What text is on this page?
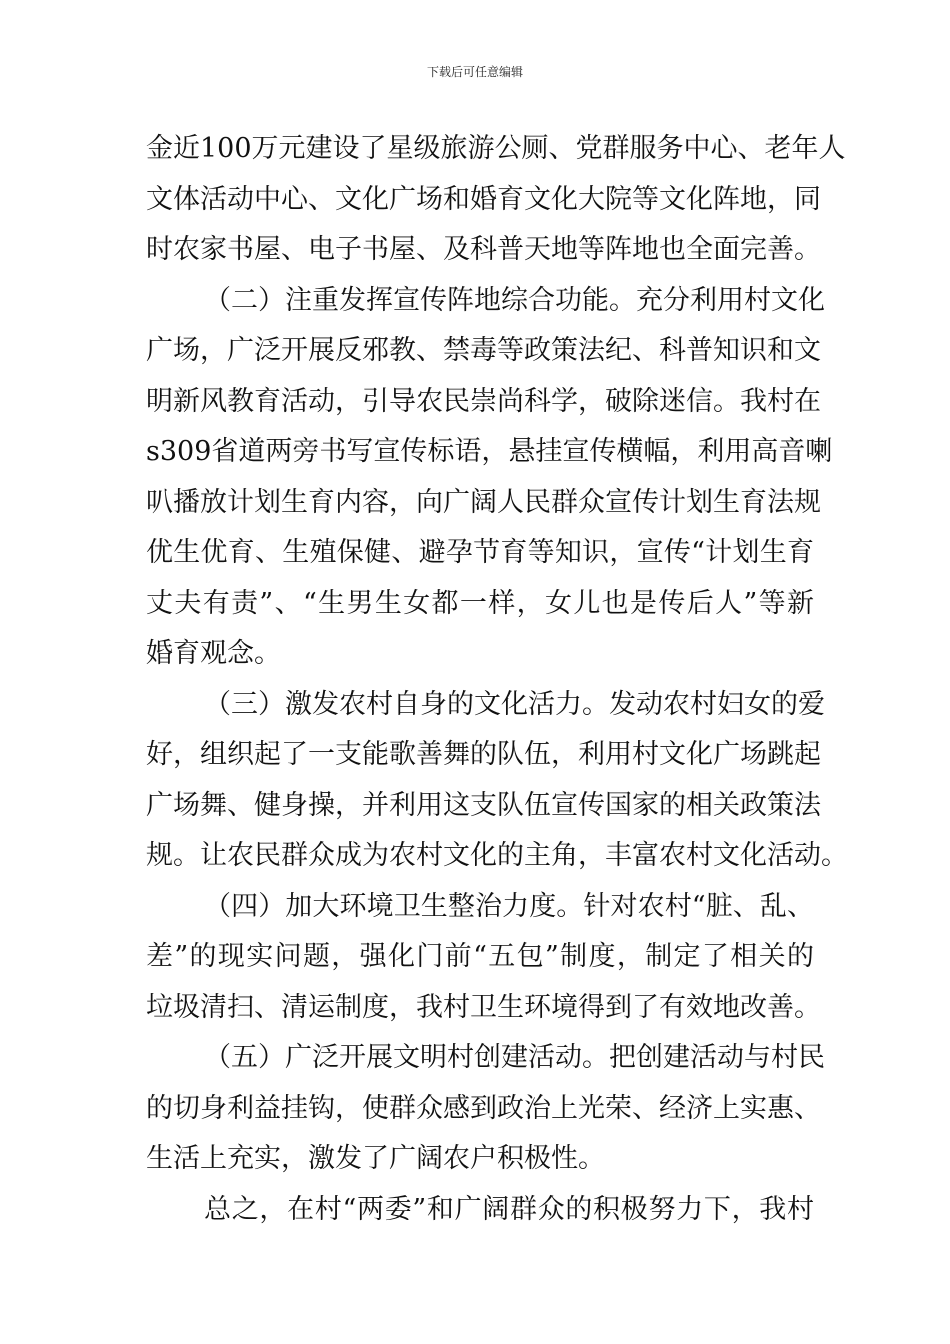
下载后可任意编辑
金近100万元建设了星级旅游公厕、党群服务中心、老年人
文体活动中心、文化广场和婚育文化大院等文化阵地，同
时农家书屋、电子书屋、及科普天地等阵地也全面完善。
（二）注重发挥宣传阵地综合功能。充分利用村文化
广场，广泛开展反邪教、禁毒等政策法纪、科普知识和文
明新风教育活动，引导农民崇尚科学，破除迷信。我村在
s309省道两旁书写宣传标语，悬挂宣传横幅，利用高音喇
叭播放计划生育内容，向广阔人民群众宣传计划生育法规
优生优育、生殖保健、避孕节育等知识，宣传“计划生育
丈夫有责”、“生男生女都一样，女儿也是传后人”等新
婚育观念。
（三）激发农村自身的文化活力。发动农村妇女的爱
好，组织起了一支能歌善舞的队伍，利用村文化广场跳起
广场舞、健身操，并利用这支队伍宣传国家的相关政策法
规。让农民群众成为农村文化的主角，丰富农村文化活动。
（四）加大环境卫生整治力度。针对农村“脏、乱、
差”的现实问题，强化门前“五包”制度，制定了相关的
垃圾清扫、清运制度，我村卫生环境得到了有效地改善。
（五）广泛开展文明村创建活动。把创建活动与村民
的切身利益挂钩，使群众感到政治上光荣、经济上实惠、
生活上充实，激发了广阔农户积极性。
总之，在村“两委”和广阔群众的积极努力下，我村
